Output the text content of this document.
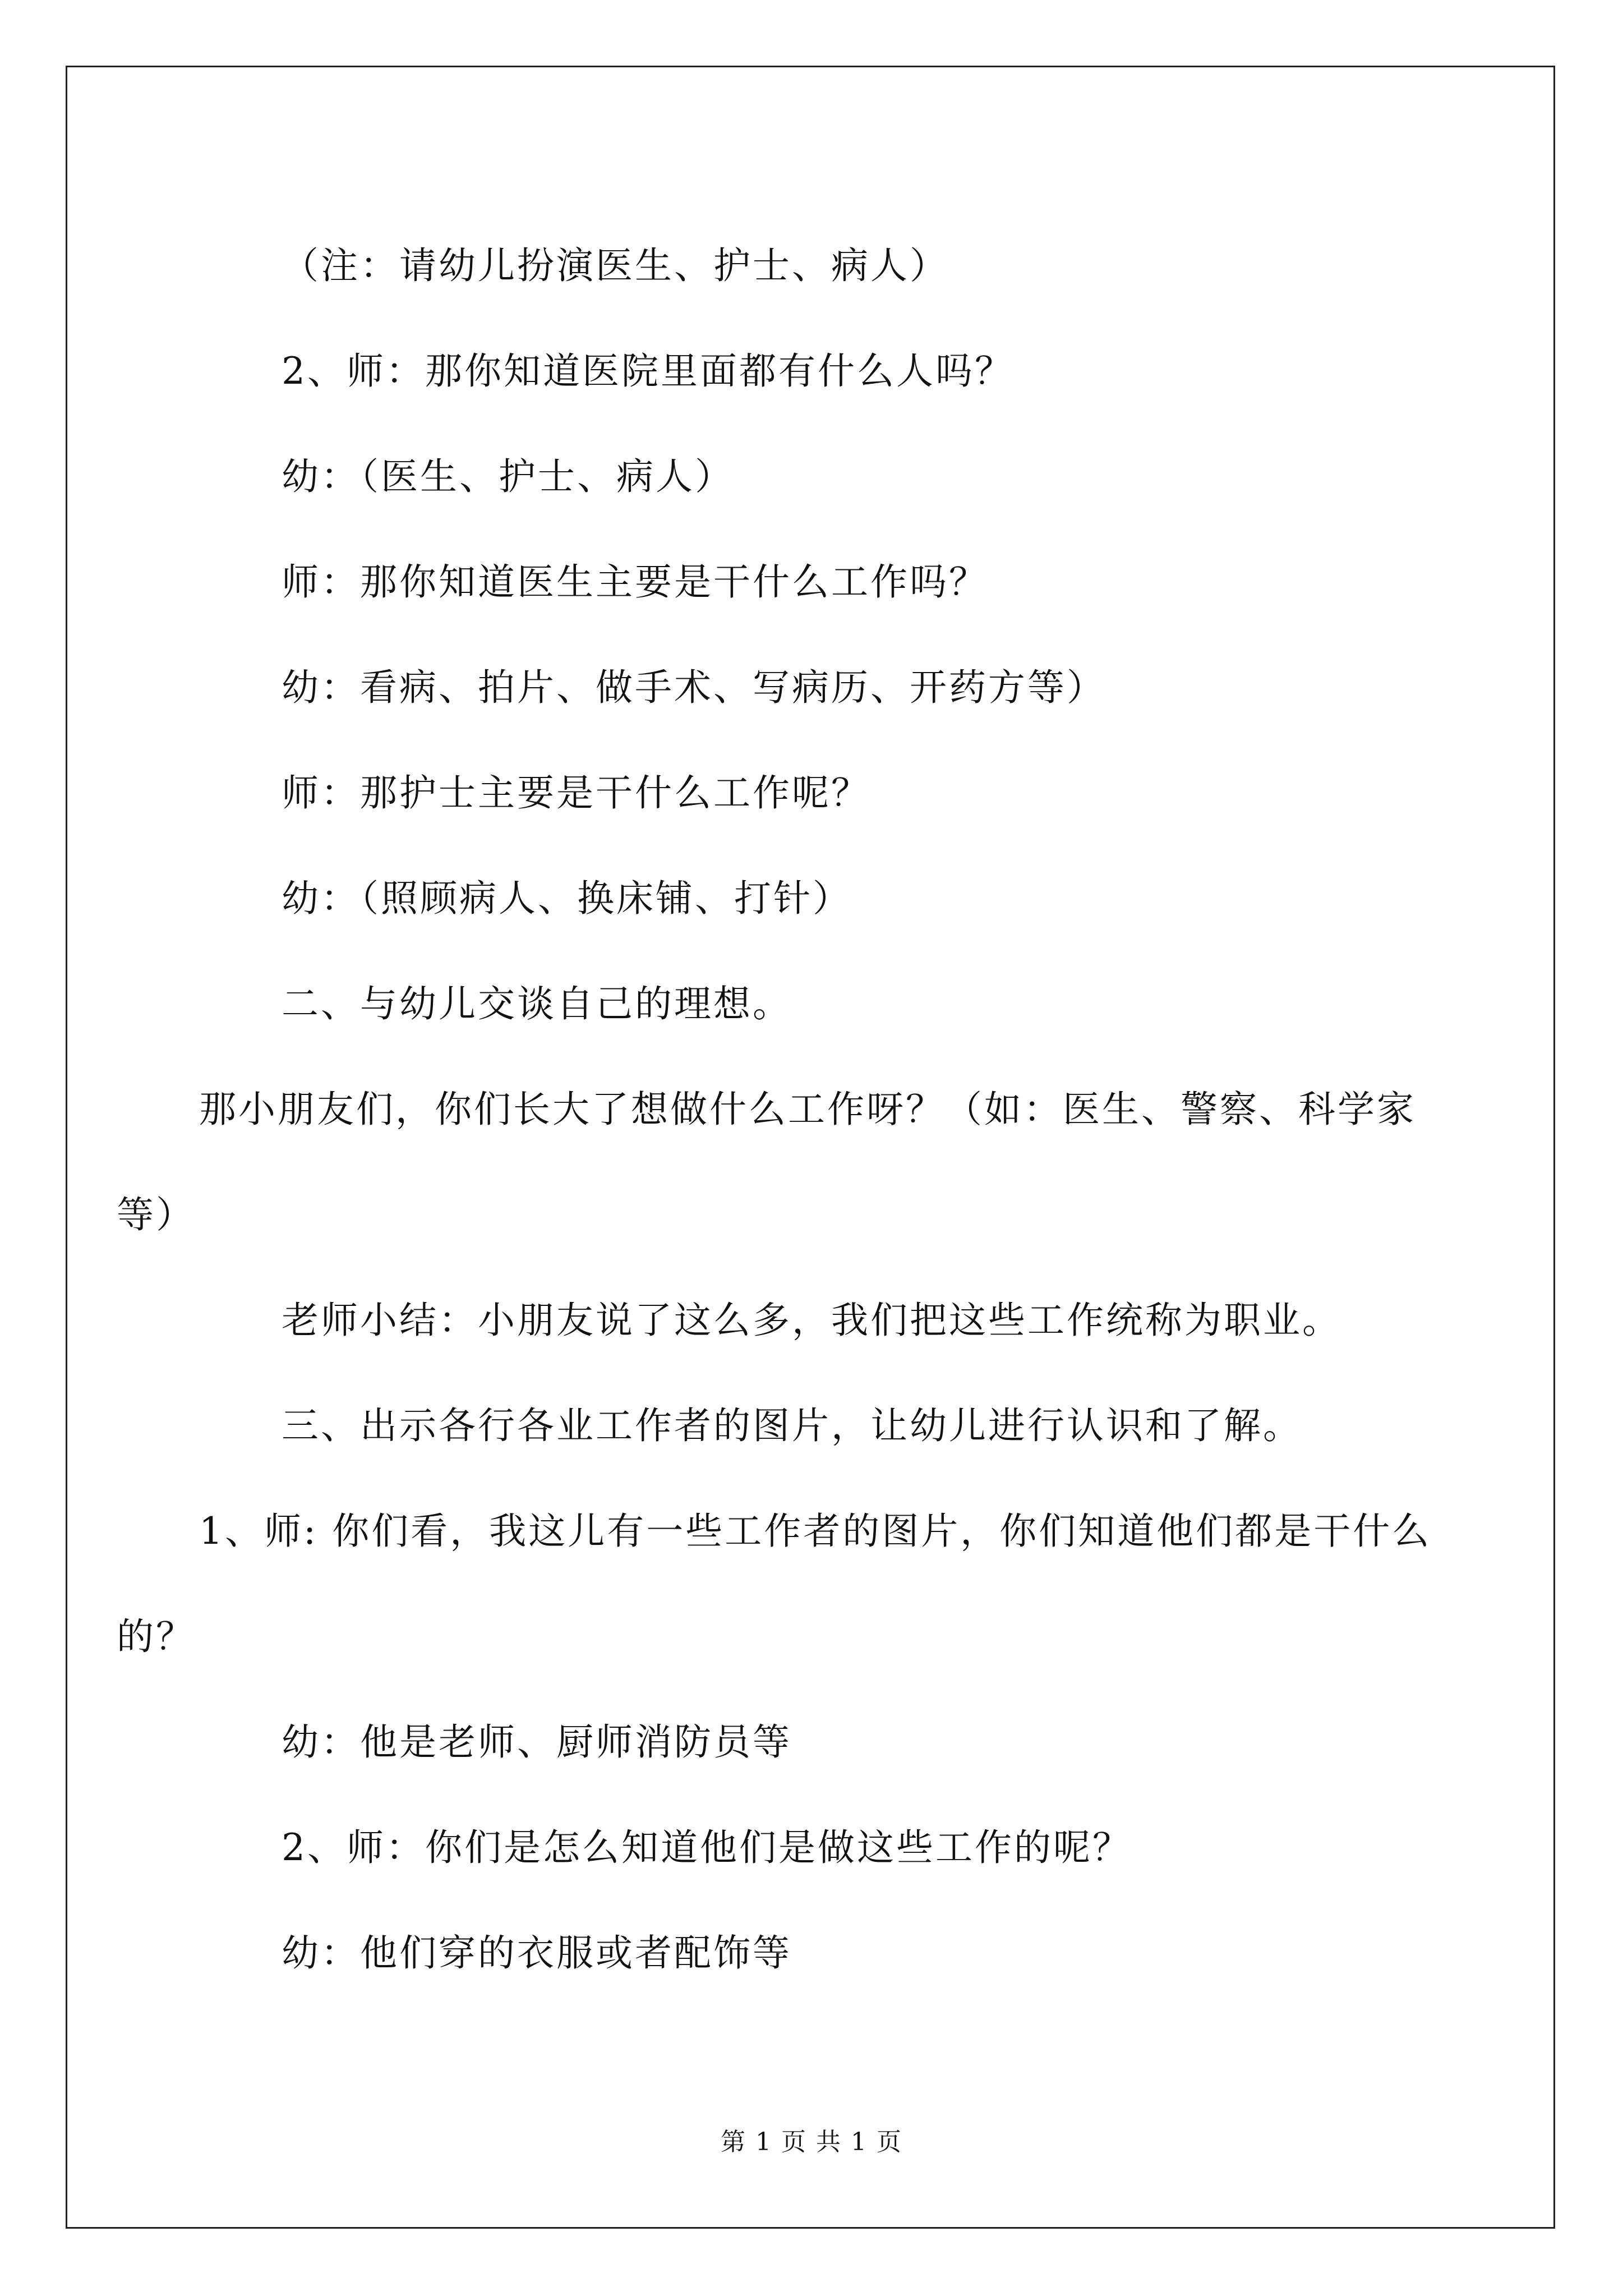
（注：请幼儿扮演医生、护士、病人）

2、师：那你知道医院里面都有什么人吗？

幼：（医生、护士、病人）

师：那你知道医生主要是干什么工作吗？

幼：看病、拍片、做手术、写病历、开药方等）

师：那护士主要是干什么工作呢？

幼：（照顾病人、换床铺、打针）

二、与幼儿交谈自己的理想。

那小朋友们，你们长大了想做什么工作呀？（如：医生、警察、科学家等）

老师小结：小朋友说了这么多，我们把这些工作统称为职业。

三、出示各行各业工作者的图片，让幼儿进行认识和了解。

1、师: 你们看，我这儿有一些工作者的图片，你们知道他们都是干什么的？

幼：他是老师、厨师消防员等

2、师：你们是怎么知道他们是做这些工作的呢？

幼：他们穿的衣服或者配饰等

第 1 页 共 1 页
